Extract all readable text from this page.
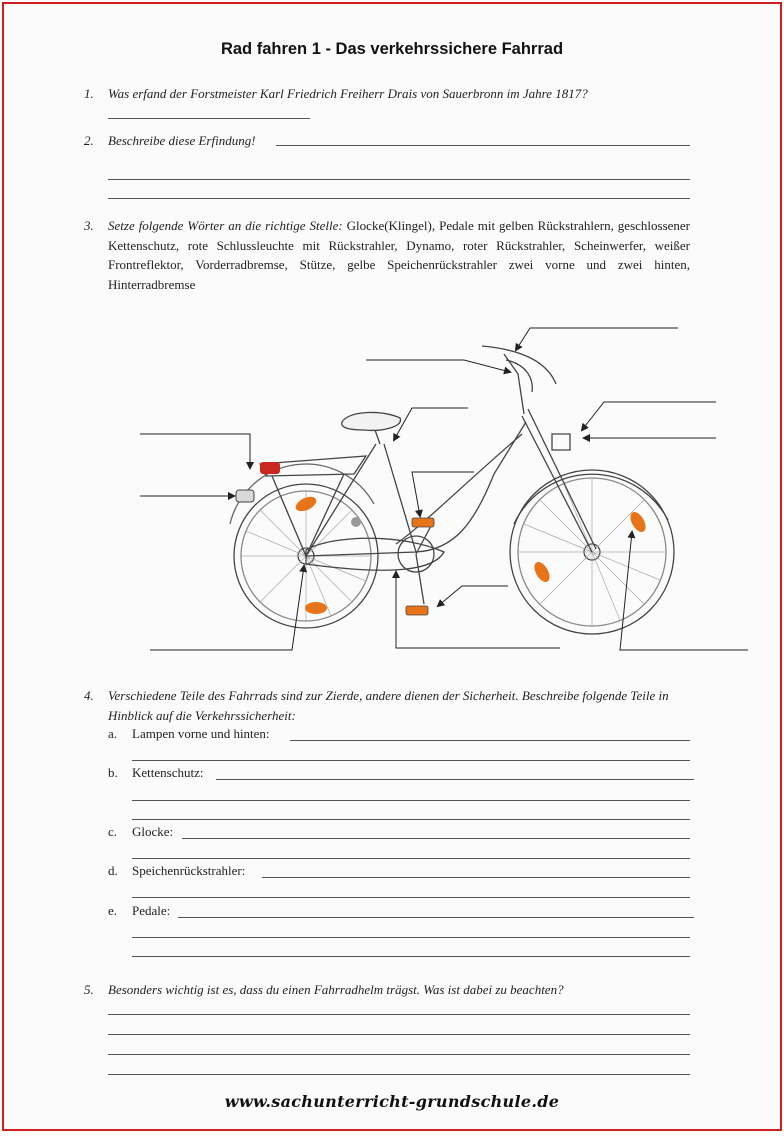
Rad fahren 1 - Das verkehrssichere Fahrrad
1. Was erfand der Forstmeister Karl Friedrich Freiherr Drais von Sauerbronn im Jahre 1817?
2. Beschreibe diese Erfindung!
3. Setze folgende Wörter an die richtige Stelle: Glocke(Klingel), Pedale mit gelben Rückstrahlern, geschlossener Kettenschutz, rote Schlussleuchte mit Rückstrahler, Dynamo, roter Rückstrahler, Scheinwerfer, weißer Frontreflektor, Vorderradbremse, Stütze, gelbe Speichenrückstrahler zwei vorne und zwei hinten, Hinterradbremse
4. Verschiedene Teile des Fahrrads sind zur Zierde, andere dienen der Sicherheit. Beschreibe folgende Teile in Hinblick auf die Verkehrssicherheit:
a. Lampen vorne und hinten:
b. Kettenschutz:
c. Glocke:
d. Speichenrückstrahler:
e. Pedale:
5. Besonders wichtig ist es, dass du einen Fahrradhelm trägst. Was ist dabei zu beachten?
www.sachunterricht-grundschule.de
